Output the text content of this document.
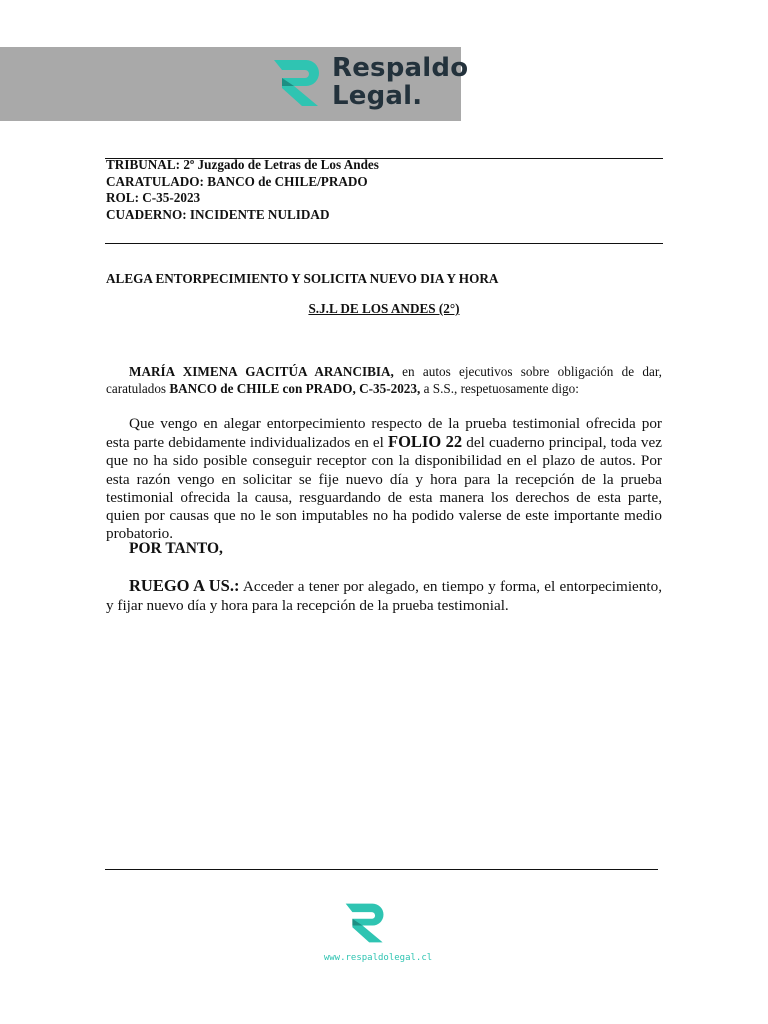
Respaldo
Legal.
TRIBUNAL: 2º Juzgado de Letras de Los Andes
CARATULADO: BANCO de CHILE/PRADO
ROL: C-35-2023
CUADERNO: INCIDENTE NULIDAD
ALEGA ENTORPECIMIENTO Y SOLICITA NUEVO DIA Y HORA
S.J.L DE LOS ANDES (2°)
MARÍA XIMENA GACITÚA ARANCIBIA, en autos ejecutivos sobre obligación de dar, caratulados BANCO de CHILE con PRADO, C-35-2023, a S.S., respetuosamente digo:
Que vengo en alegar entorpecimiento respecto de la prueba testimonial ofrecida por esta parte debidamente individualizados en el FOLIO 22 del cuaderno principal, toda vez que no ha sido posible conseguir receptor con la disponibilidad en el plazo de autos. Por esta razón vengo en solicitar se fije nuevo día y hora para la recepción de la prueba testimonial ofrecida la causa, resguardando de esta manera los derechos de esta parte, quien por causas que no le son imputables no ha podido valerse de este importante medio probatorio.
POR TANTO,
RUEGO A US.: Acceder a tener por alegado, en tiempo y forma, el entorpecimiento, y fijar nuevo día y hora para la recepción de la prueba testimonial.
www.respaldolegal.cl
